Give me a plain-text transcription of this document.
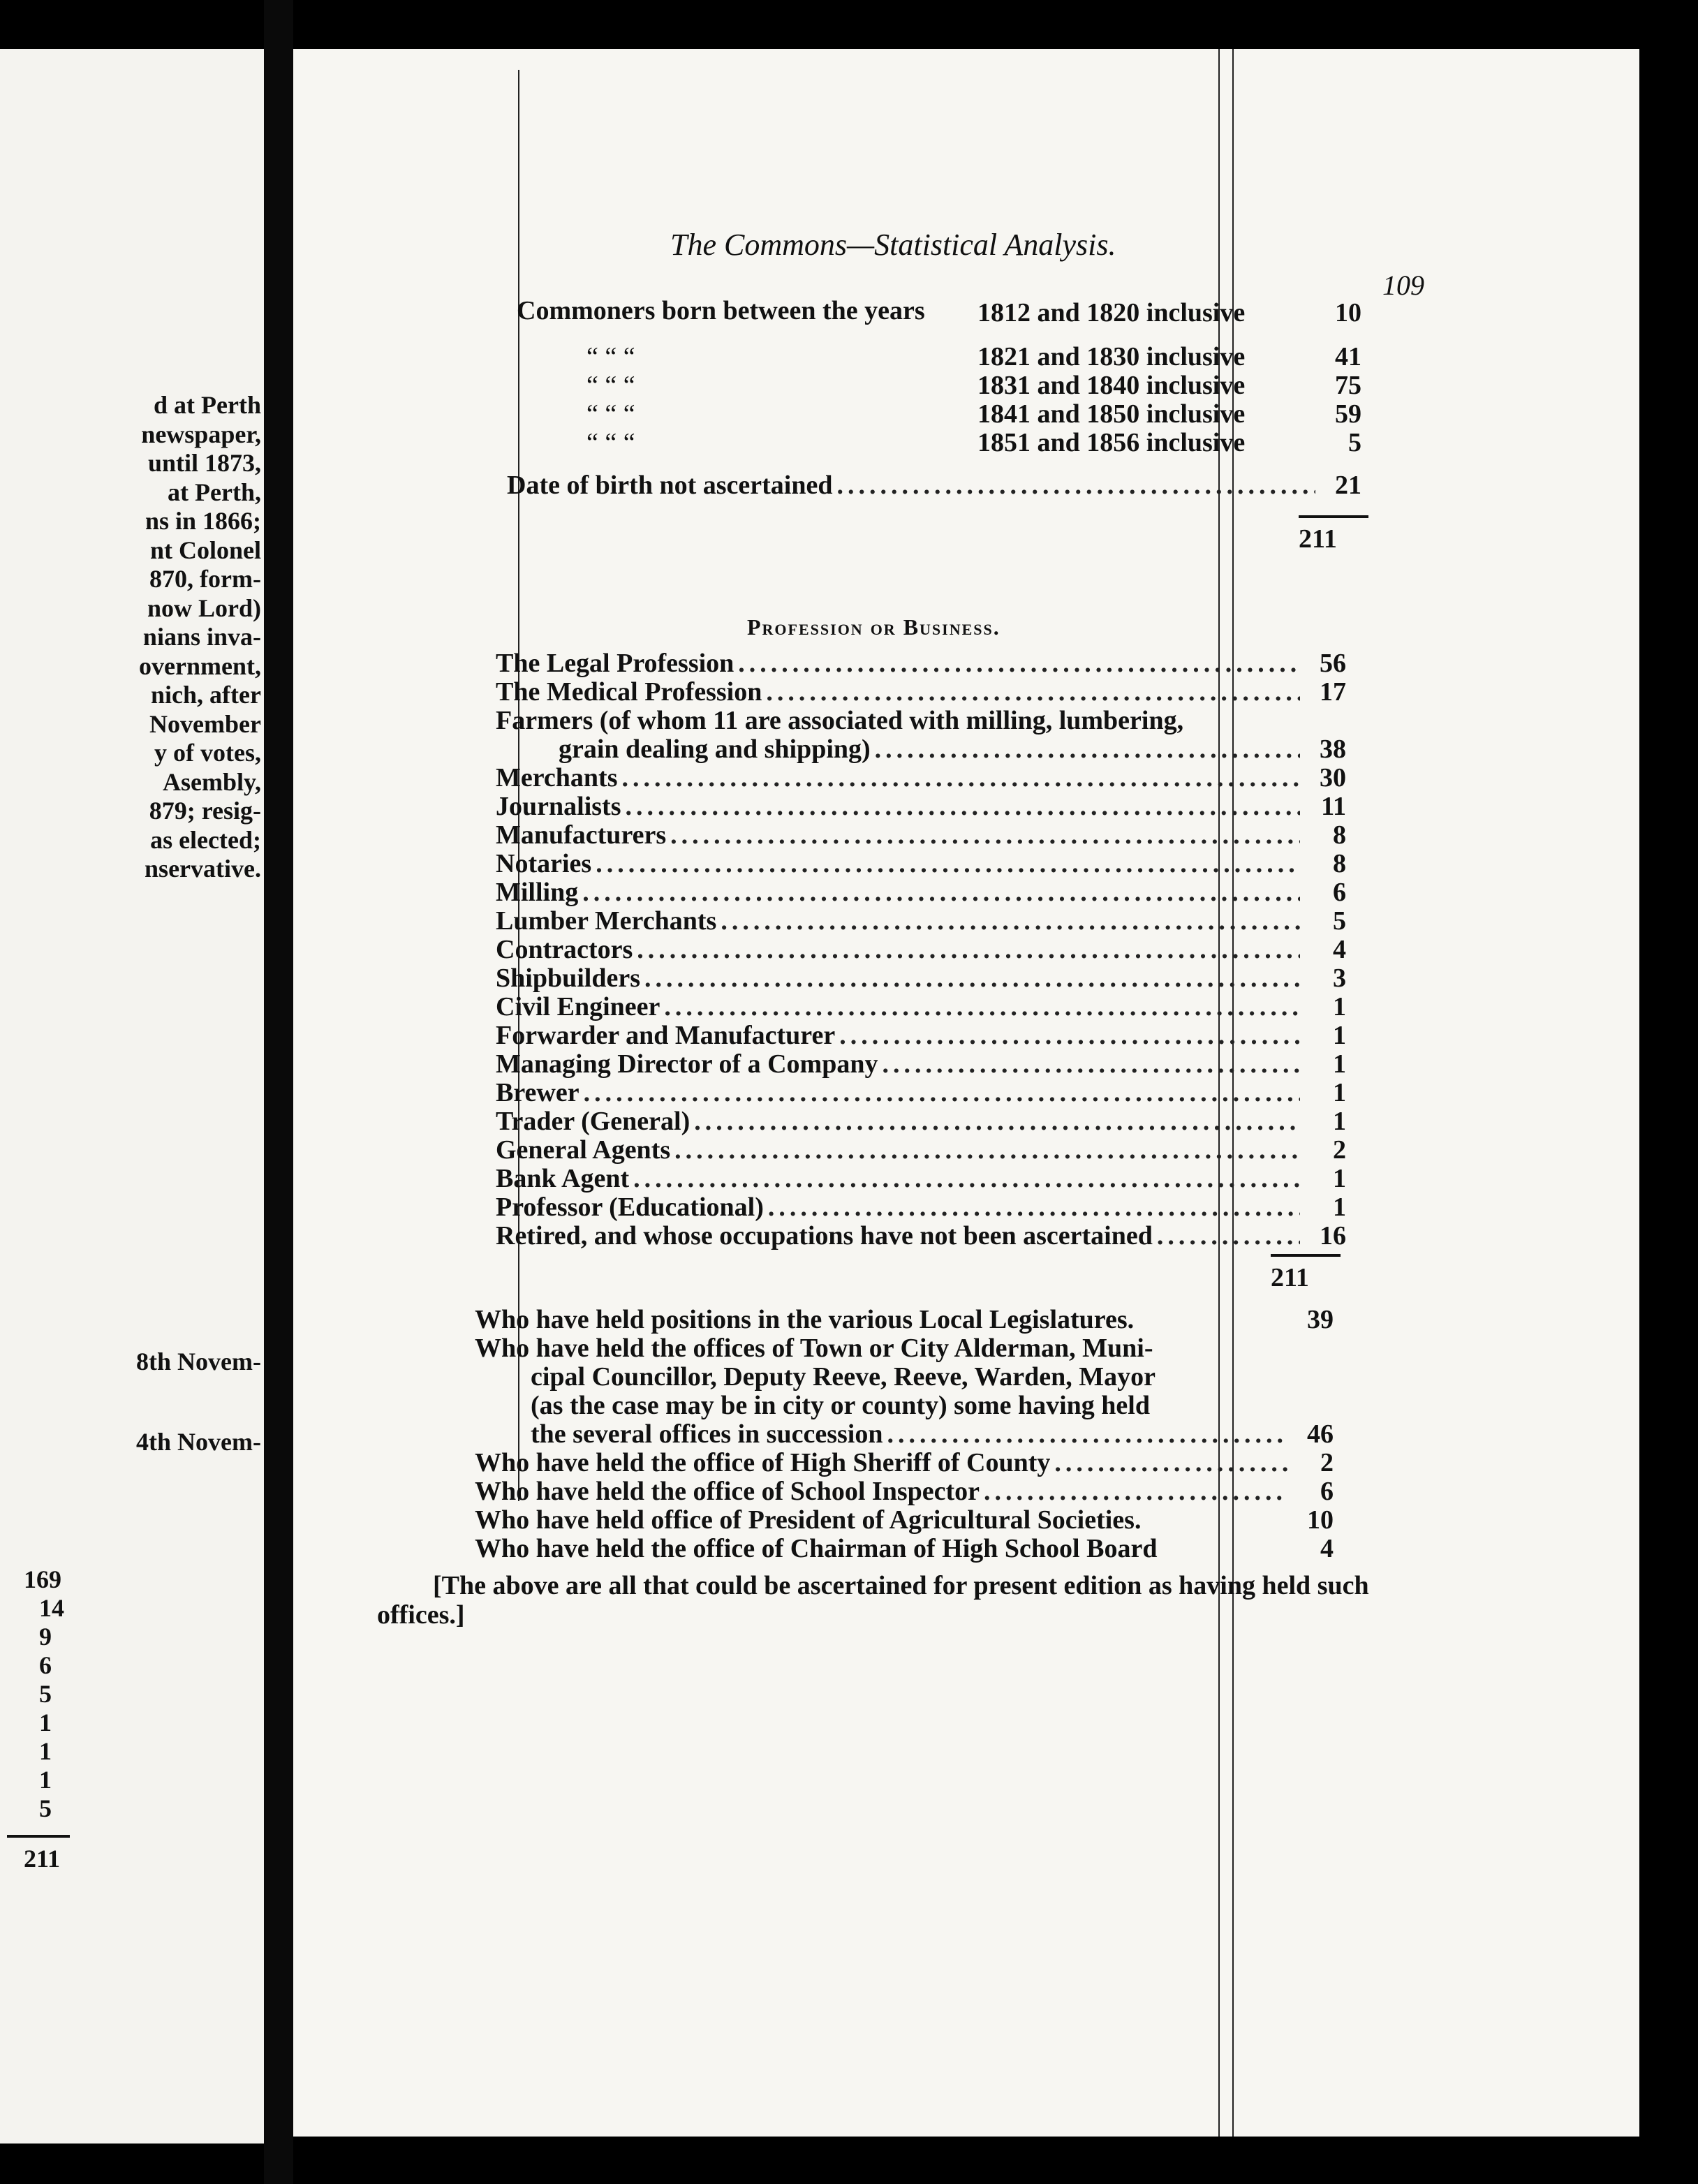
d at Perth
newspaper,
until 1873,
at Perth,
ns in 1866;
nt Colonel
870, form-
now Lord)
nians inva-
overnment,
nich, after
November
y of votes,
Asembly,
879; resig-
as elected;
nservative.
8th Novem-
4th Novem-
169
14
9
6
5
1
1
1
5
211
The Commons—Statistical Analysis.
109
Commoners born between the years 1812 and 1820 inclusive	10
“ “ “	1821 and 1830 inclusive	41
“ “ “	1831 and 1840 inclusive	75
“ “ “	1841 and 1850 inclusive	59
“ “ “	1851 and 1856 inclusive	5
Date of birth not ascertained .....	21
211
Profession or Business.
The Legal Profession .....	56
The Medical Profession .....	17
Farmers (of whom 11 are associated with milling, lumbering,
grain dealing and shipping) .....	38
Merchants .....	30
Journalists .....	11
Manufacturers .....	8
Notaries .....	8
Milling .....	6
Lumber Merchants .....	5
Contractors .....	4
Shipbuilders .....	3
Civil Engineer .....	1
Forwarder and Manufacturer .....	1
Managing Director of a Company .....	1
Brewer .....	1
Trader (General) .....	1
General Agents .....	2
Bank Agent .....	1
Professor (Educational) .....	1
Retired, and whose occupations have not been ascertained .....	16
211
Who have held positions in the various Local Legislatures.	39
Who have held the offices of Town or City Alderman, Muni-
cipal Councillor, Deputy Reeve, Reeve, Warden, Mayor
(as the case may be in city or county) some having held
the several offices in succession .....	46
Who have held the office of High Sheriff of County .....	2
Who have held the office of School Inspector .....	6
Who have held office of President of Agricultural Societies.	10
Who have held the office of Chairman of High School Board	4
[The above are all that could be ascertained for present edition as having held such offices.]
